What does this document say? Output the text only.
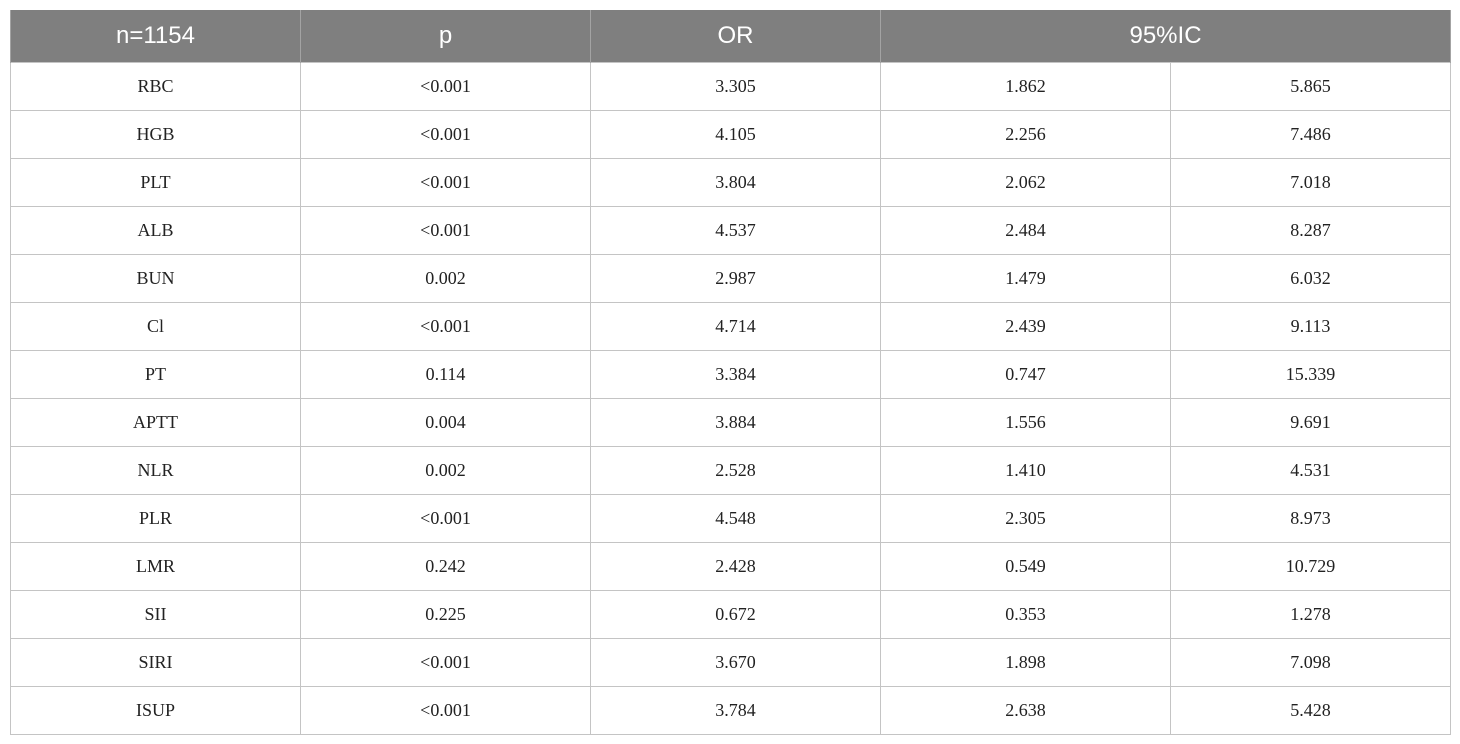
n=1154	p	OR	95%IC	
RBC	<0.001	3.305	1.862	5.865
HGB	<0.001	4.105	2.256	7.486
PLT	<0.001	3.804	2.062	7.018
ALB	<0.001	4.537	2.484	8.287
BUN	0.002	2.987	1.479	6.032
Cl	<0.001	4.714	2.439	9.113
PT	0.114	3.384	0.747	15.339
APTT	0.004	3.884	1.556	9.691
NLR	0.002	2.528	1.410	4.531
PLR	<0.001	4.548	2.305	8.973
LMR	0.242	2.428	0.549	10.729
SII	0.225	0.672	0.353	1.278
SIRI	<0.001	3.670	1.898	7.098
ISUP	<0.001	3.784	2.638	5.428
